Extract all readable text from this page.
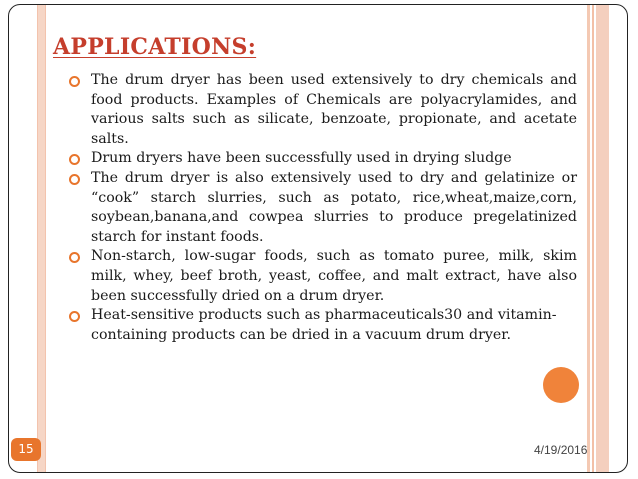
APPLICATIONS:
The drum dryer has been used extensively to dry chemicals and food products. Examples of Chemicals are polyacrylamides, and various salts such as silicate, benzoate, propionate, and acetate salts.
Drum dryers have been successfully used in drying sludge
The drum dryer is also extensively used to dry and gelatinize or “cook” starch slurries, such as potato, rice,wheat,maize,corn, soybean,banana,and cowpea slurries to produce pregelatinized starch for instant foods.
Non-starch, low-sugar foods, such as tomato puree, milk, skim milk, whey, beef broth, yeast, coffee, and malt extract, have also been successfully dried on a drum dryer.
Heat-sensitive products such as pharmaceuticals30 and vitamin-containing products can be dried in a vacuum drum dryer.
15	4/19/2016
